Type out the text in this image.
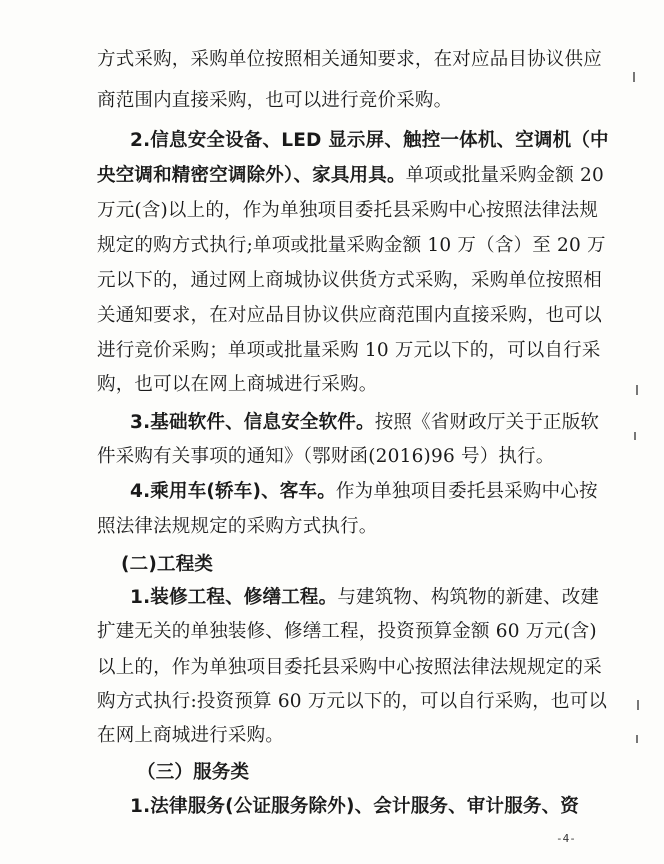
方式采购，采购单位按照相关通知要求，在对应品目协议供应
商范围内直接采购，也可以进行竞价采购。
2.信息安全设备、LED 显示屏、触控一体机、空调机（中
央空调和精密空调除外）、家具用具。单项或批量采购金额 20
万元(含)以上的，作为单独项目委托县采购中心按照法律法规
规定的购方式执行;单项或批量采购金额 10 万（含）至 20 万
元以下的，通过网上商城协议供货方式采购，采购单位按照相
关通知要求，在对应品目协议供应商范围内直接采购，也可以
进行竞价采购；单项或批量采购 10 万元以下的，可以自行采
购，也可以在网上商城进行采购。
3.基础软件、信息安全软件。按照《省财政厅关于正版软
件采购有关事项的通知》（鄂财函(2016)96 号）执行。
4.乘用车(轿车)、客车。作为单独项目委托县采购中心按
照法律法规规定的采购方式执行。
(二)工程类
1.装修工程、修缮工程。与建筑物、构筑物的新建、改建
扩建无关的单独装修、修缮工程，投资预算金额 60 万元(含)
以上的，作为单独项目委托县采购中心按照法律法规规定的采
购方式执行:投资预算 60 万元以下的，可以自行采购，也可以
在网上商城进行采购。
（三）服务类
1.法律服务(公证服务除外)、会计服务、审计服务、资
-4-
